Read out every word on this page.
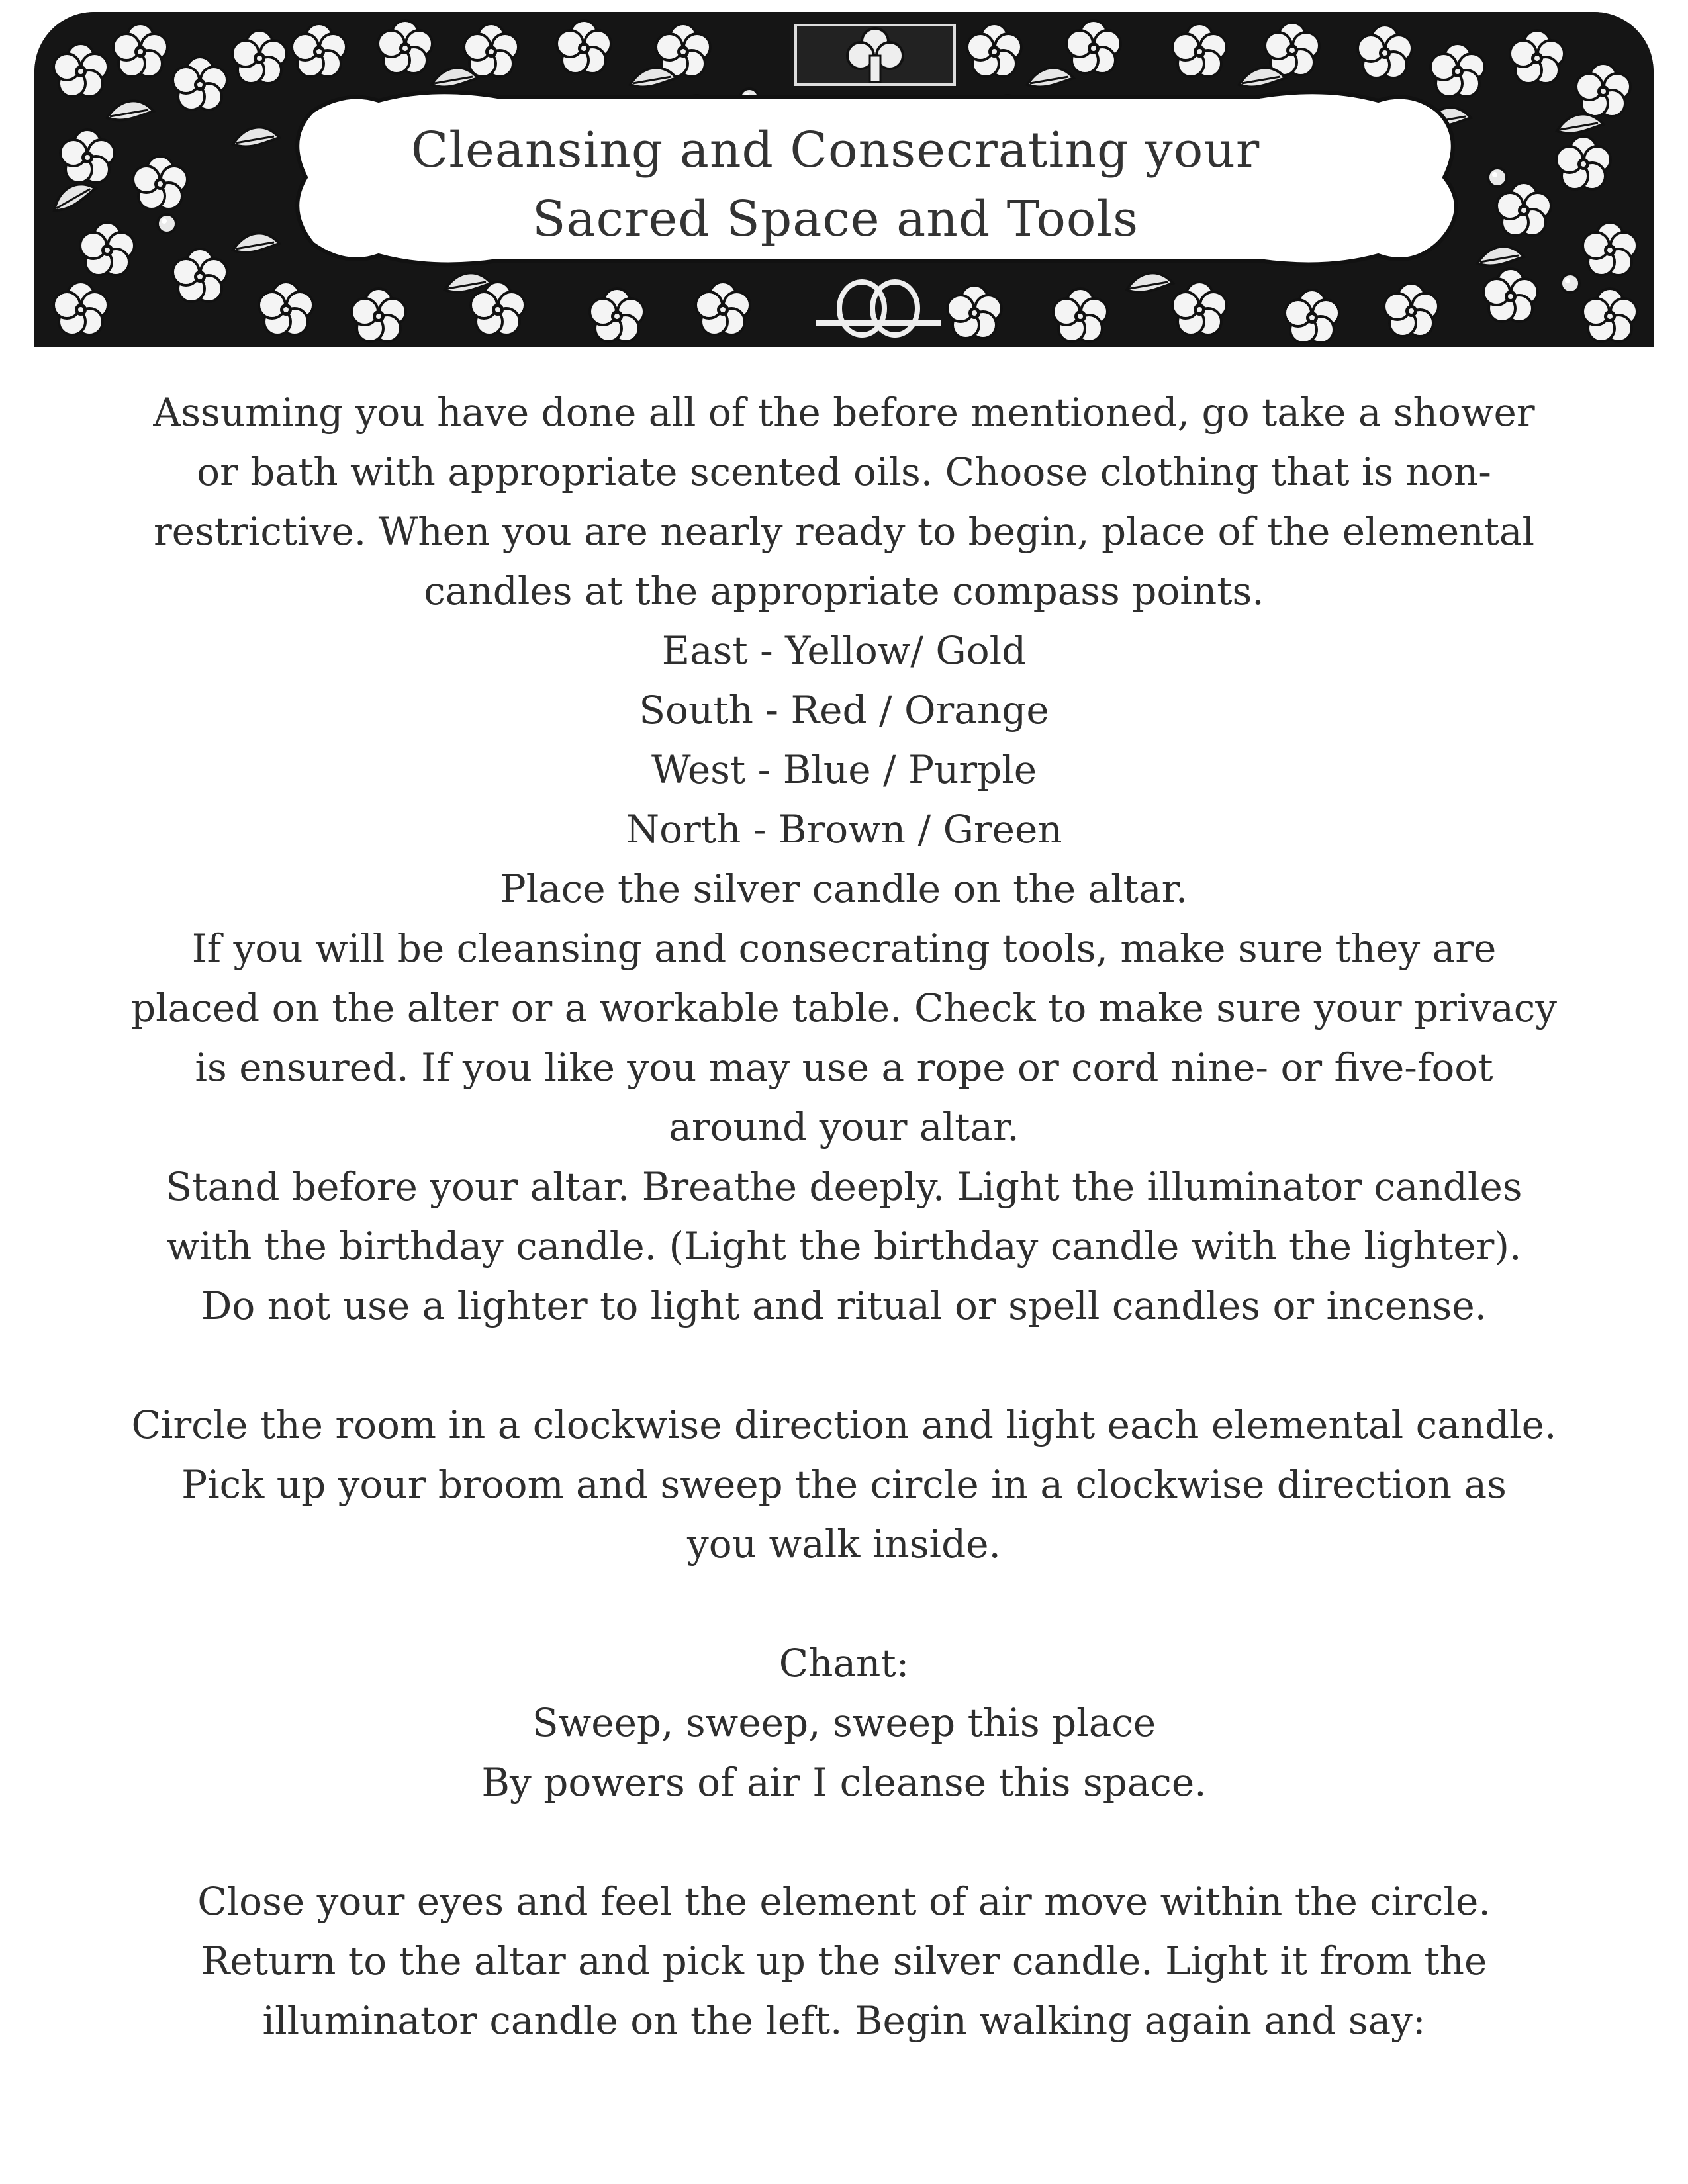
Cleansing and Consecrating your
Sacred Space and Tools
Assuming you have done all of the before mentioned, go take a shower
or bath with appropriate scented oils. Choose clothing that is non-
restrictive. When you are nearly ready to begin, place of the elemental
candles at the appropriate compass points.
East - Yellow/ Gold
South - Red / Orange
West - Blue / Purple
North - Brown / Green
Place the silver candle on the altar.
If you will be cleansing and consecrating tools, make sure they are
placed on the alter or a workable table. Check to make sure your privacy
is ensured. If you like you may use a rope or cord nine- or five-foot
around your altar.
Stand before your altar. Breathe deeply. Light the illuminator candles
with the birthday candle. (Light the birthday candle with the lighter).
Do not use a lighter to light and ritual or spell candles or incense.
Circle the room in a clockwise direction and light each elemental candle.
Pick up your broom and sweep the circle in a clockwise direction as
you walk inside.
Chant:
Sweep, sweep, sweep this place
By powers of air I cleanse this space.
Close your eyes and feel the element of air move within the circle.
Return to the altar and pick up the silver candle. Light it from the
illuminator candle on the left. Begin walking again and say:
